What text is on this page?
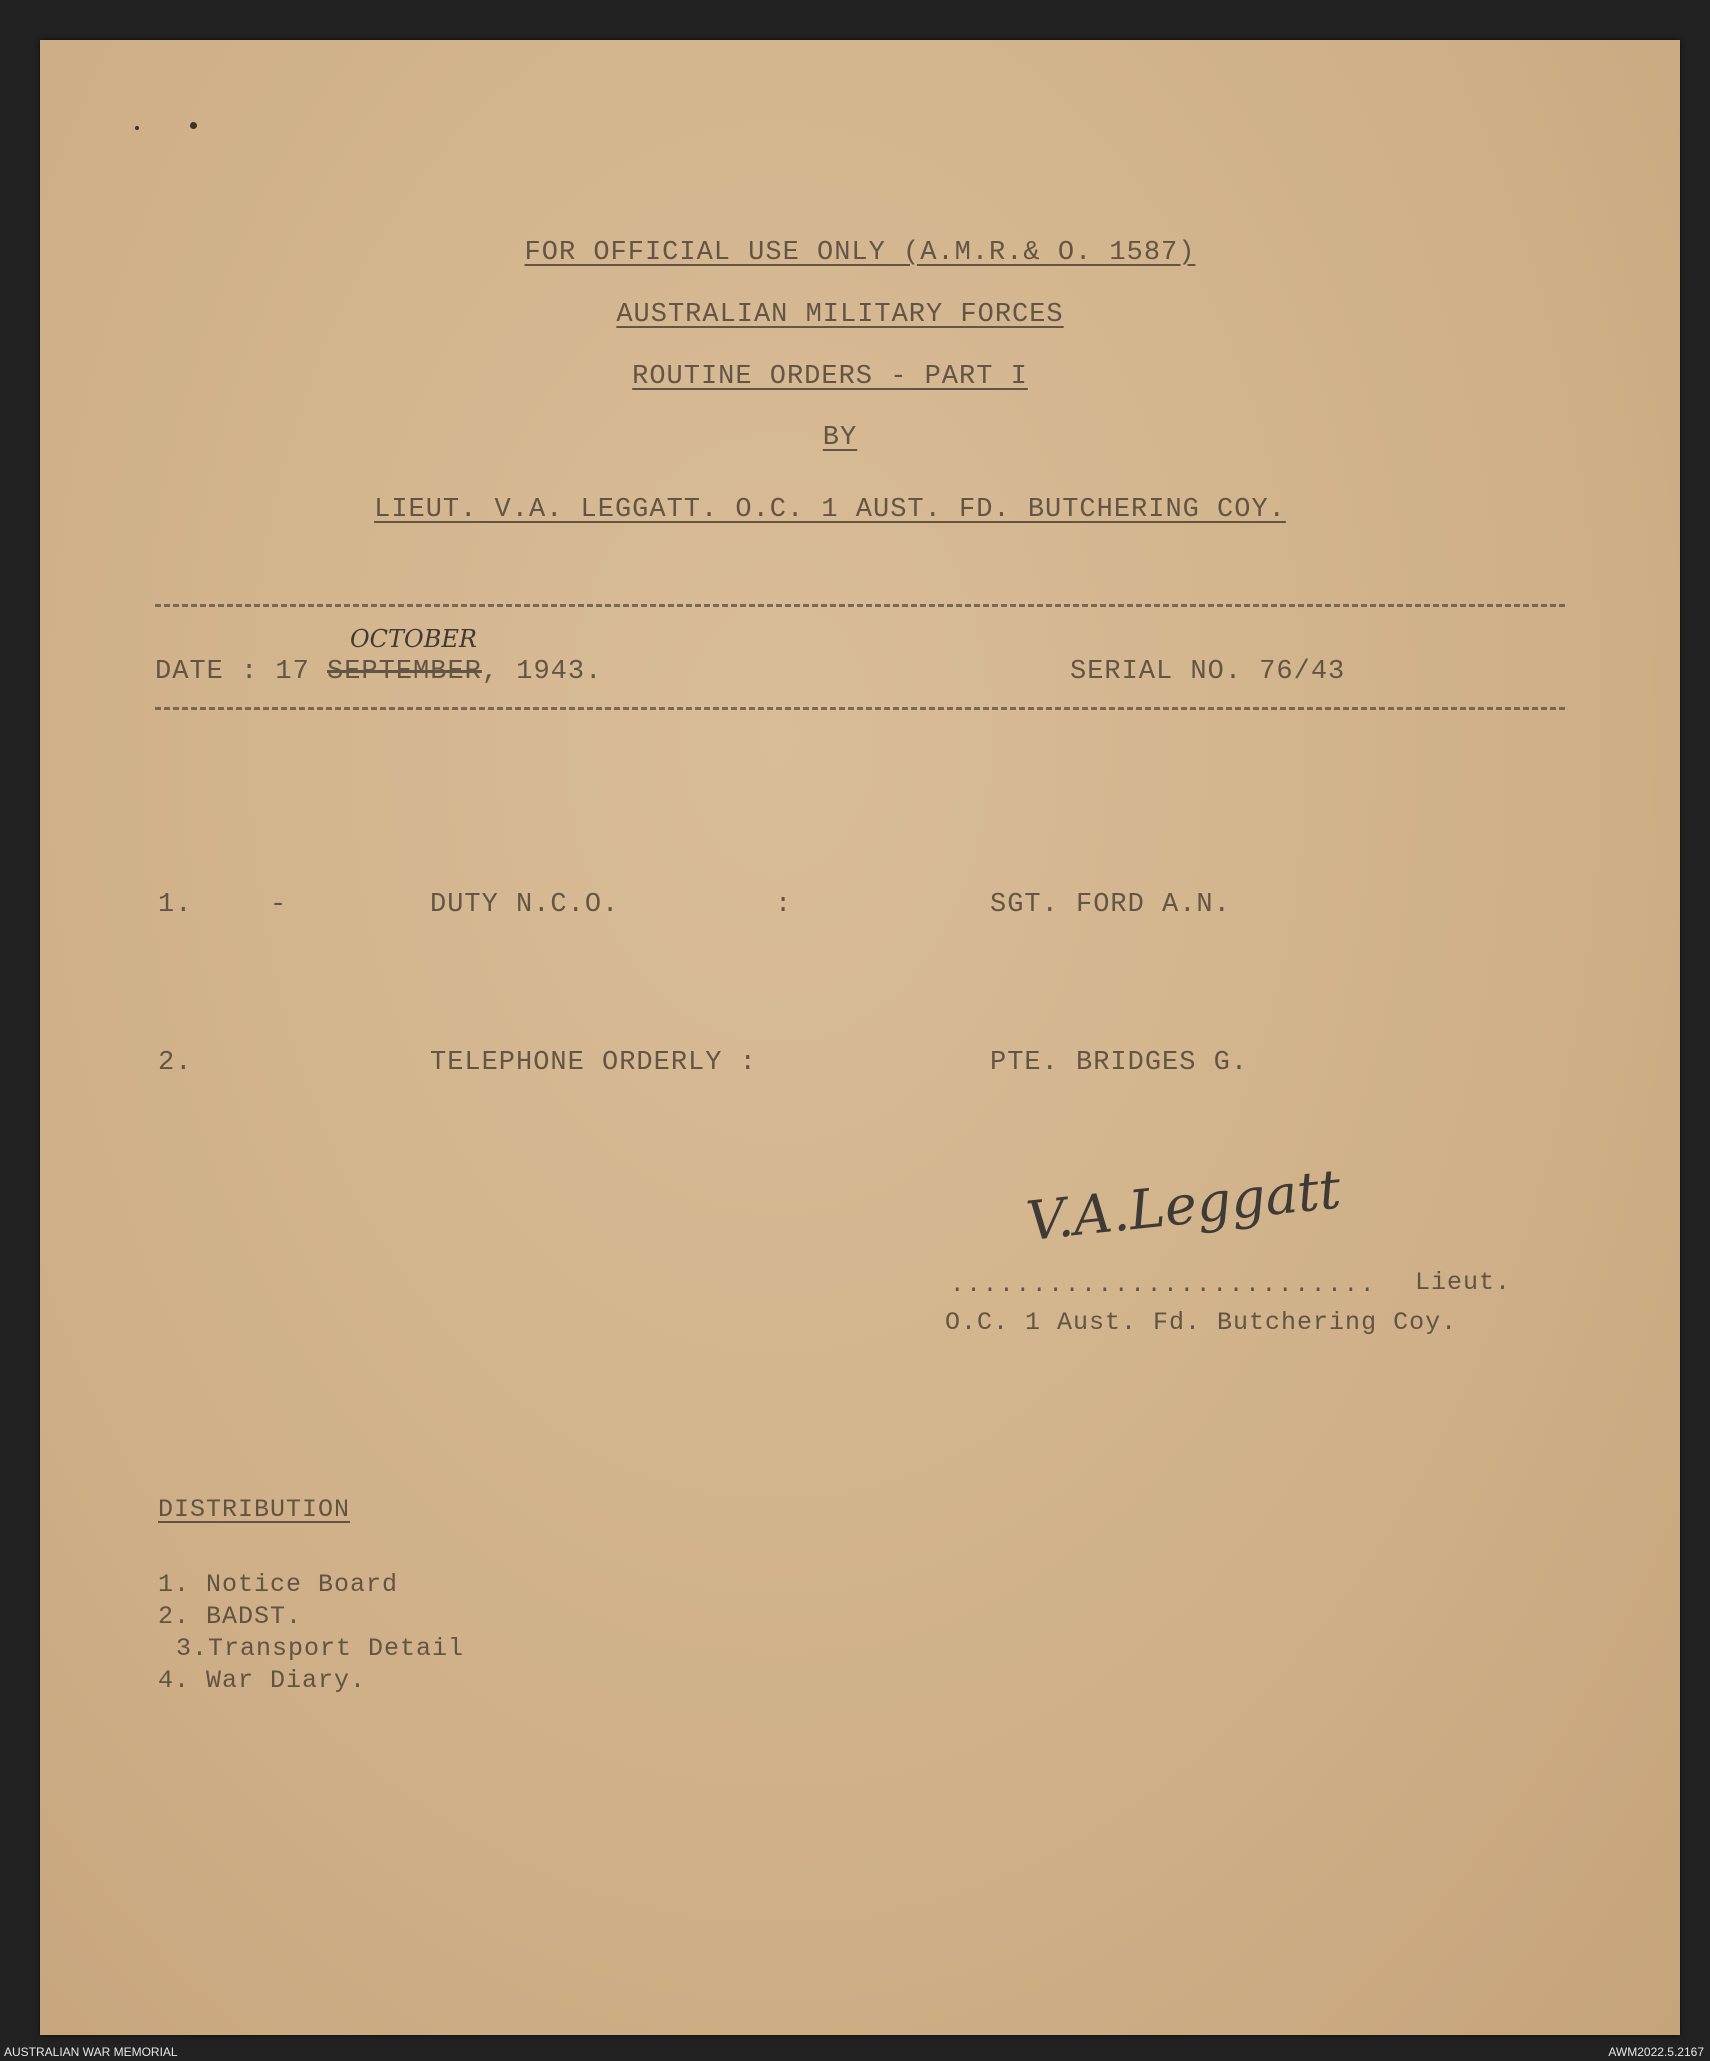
FOR OFFICIAL USE ONLY (A.M.R.& O. 1587)
AUSTRALIAN MILITARY FORCES
ROUTINE ORDERS - PART I
BY
LIEUT. V.A. LEGGATT. O.C. 1 AUST. FD. BUTCHERING COY.
OCTOBER
DATE : 17 SEPTEMBER, 1943.	SERIAL NO. 76/43
1.	-	DUTY N.C.O.	:	SGT. FORD A.N.
2.	TELEPHONE ORDERLY :	PTE. BRIDGES G.
V.A.Leggatt
.......................... Lieut.
O.C. 1 Aust. Fd. Butchering Coy.
DISTRIBUTION
1. Notice Board
2. BADST.
3.Transport Detail
4. War Diary.
AUSTRALIAN WAR MEMORIAL	AWM2022.5.2167
